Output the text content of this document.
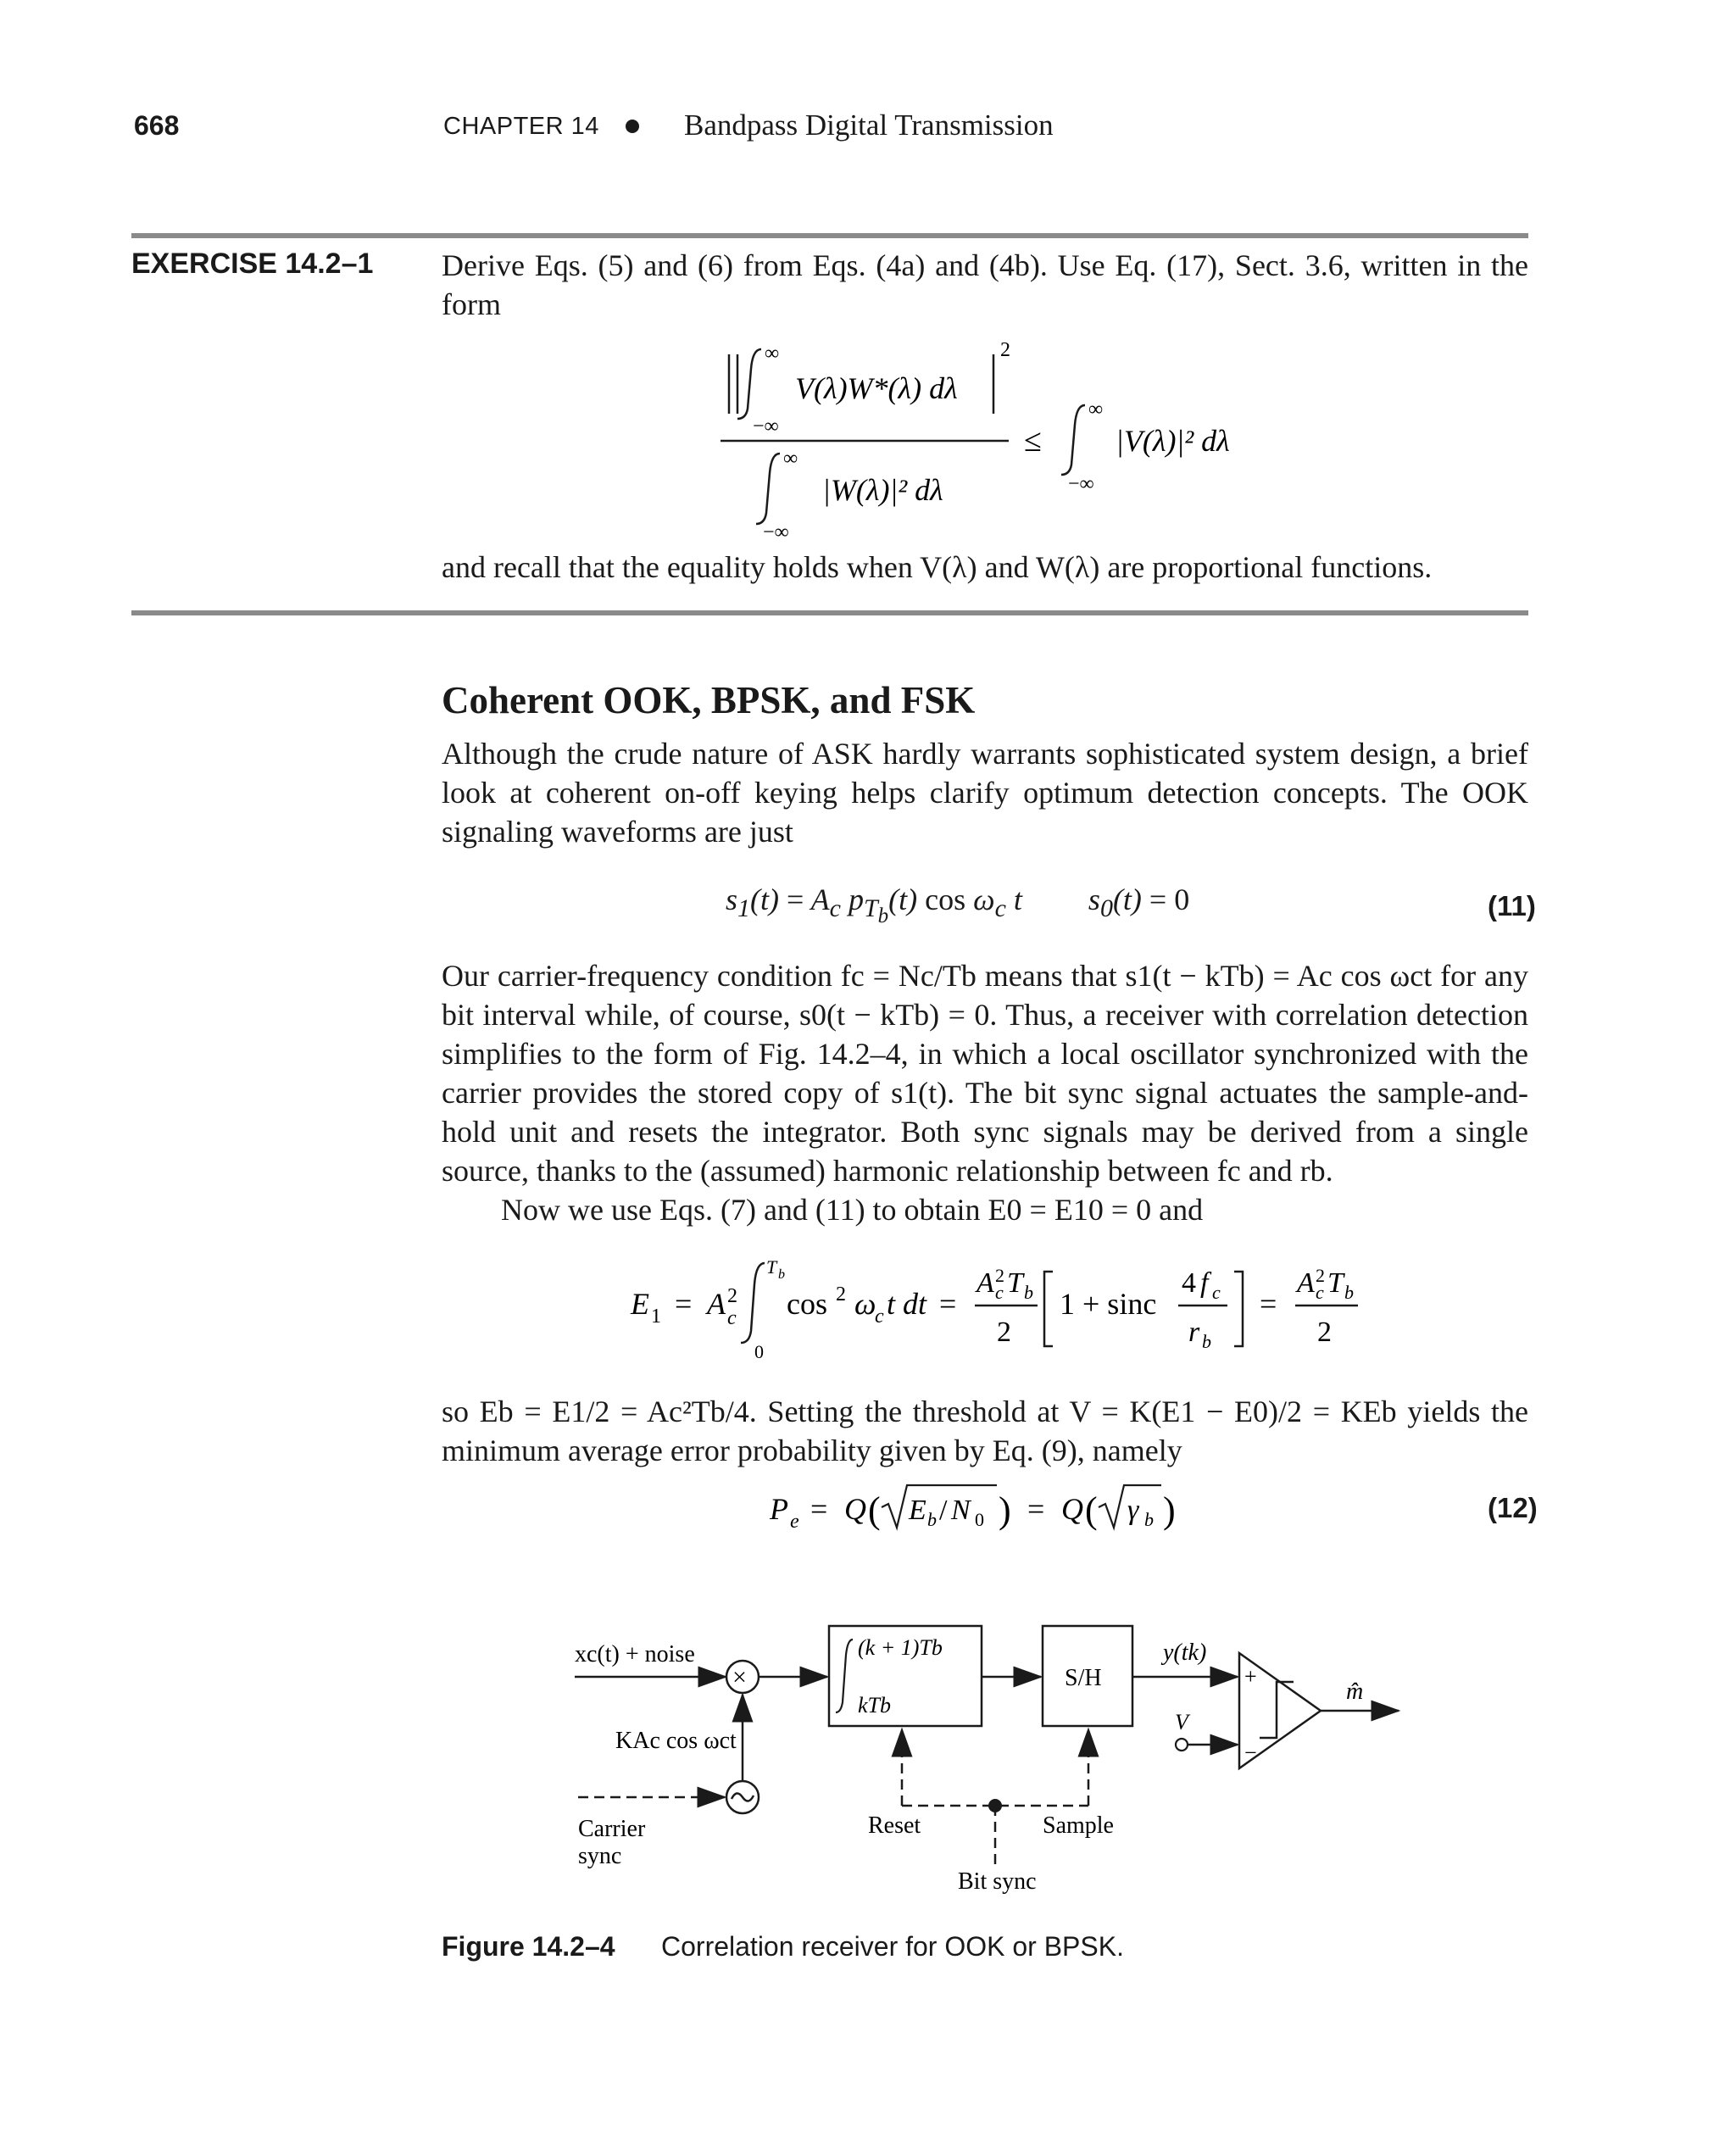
668	CHAPTER 14	Bandpass Digital Transmission
EXERCISE 14.2–1 Derive Eqs. (5) and (6) from Eqs. (4a) and (4b). Use Eq. (17), Sect. 3.6, written in the form

∞
−∞
V(λ)W*(λ) dλ
2
∞
−∞
|W(λ)|² dλ
≤
∞
−∞
|V(λ)|² dλ

and recall that the equality holds when V(λ) and W(λ) are proportional functions.

Coherent OOK, BPSK, and FSK

Although the crude nature of ASK hardly warrants sophisticated system design, a brief look at coherent on-off keying helps clarify optimum detection concepts. The OOK signaling waveforms are just

$s_1(t) = A_c$ $p_{T_b}(t)$ $\cos \omega_c$ t  $s_0(t) = 0$	(11)

Our carrier-frequency condition fc = Nc/Tb means that s1(t − kTb) = Ac cos ωct for any bit interval while, of course, s0(t − kTb) = 0. Thus, a receiver with correlation detection simplifies to the form of Fig. 14.2–4, in which a local oscillator synchronized with the carrier provides the stored copy of s1(t). The bit sync signal actuates the sample-and-hold unit and resets the integrator. Both sync signals may be derived from a single source, thanks to the (assumed) harmonic relationship between fc and rb.

Now we use Eqs. (7) and (11) to obtain E0 = E10 = 0 and

E 1 = A 2
c
T b
0
cos 2 ω
c t dt =
A 2
c T b
2
1 + sinc
4 f c
r b
=
A 2
c T b
2

so Eb = E1/2 = Ac²Tb/4. Setting the threshold at V = K(E1 − E0)/2 = KEb yields the minimum average error probability given by Eq. (9), namely

P e = Q ( E b / N 0 ) = Q ( γ b )	(12)
xc(t) + noise
×
KAc cos ωct
Carrier
sync
(k + 1)Tb
kTb
S/H
y(tk)
V
+
−
m̂
Reset	Sample
Bit sync
Figure 14.2–4 Correlation receiver for OOK or BPSK.
